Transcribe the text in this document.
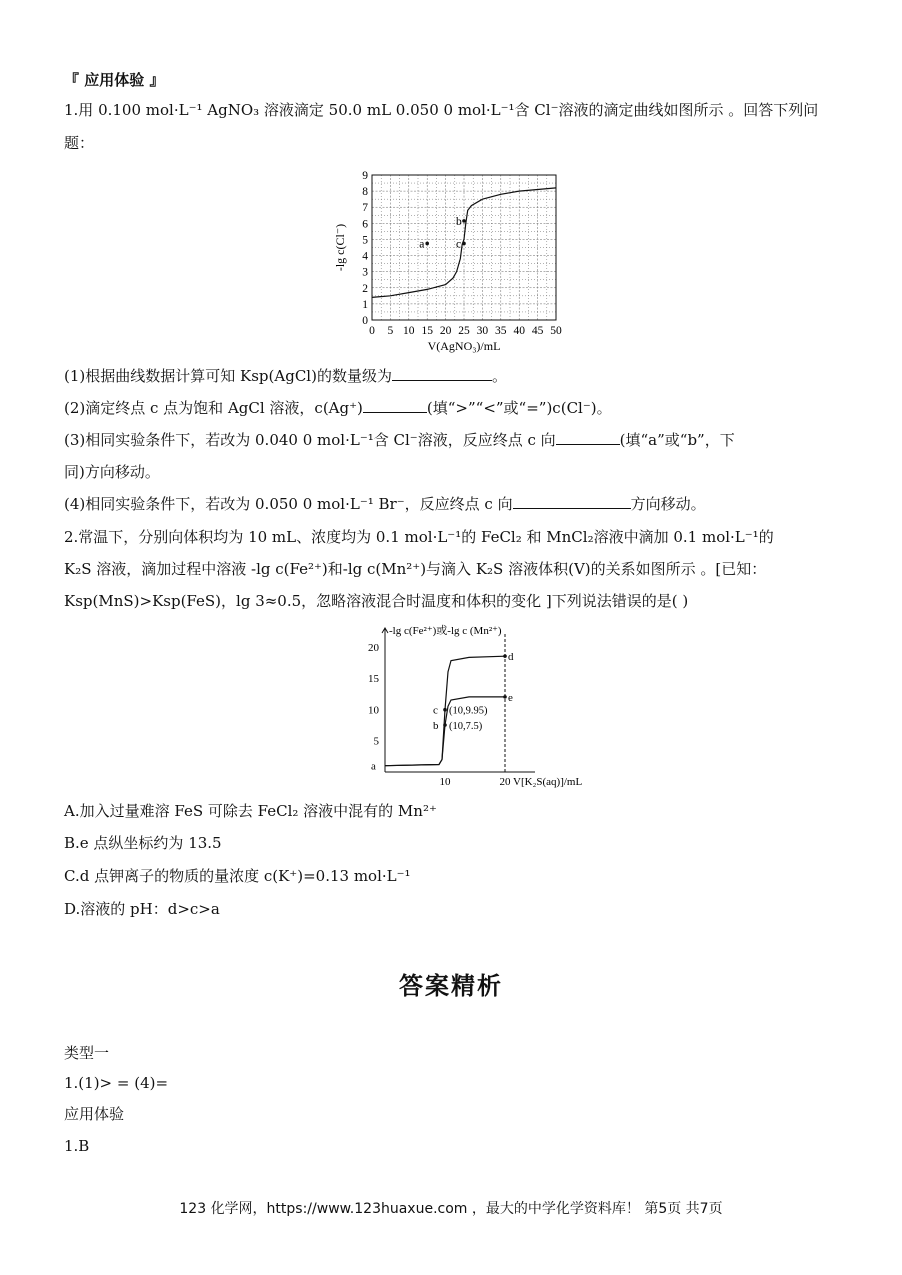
『 应用体验 』
1.用 0.100 mol·L⁻¹ AgNO₃ 溶液滴定 50.0 mL 0.050 0 mol·L⁻¹含 Cl⁻溶液的滴定曲线如图所示 。回答下列问
题：
0 5 10 15 20 25 30 35 40 45 50
0
1
2
3
4
5
6
7
8
9
a
b
c
V(AgNO₃)/mL
-lg c(Cl⁻)
(1)根据曲线数据计算可知 Ksp(AgCl)的数量级为	。
(2)滴定终点 c 点为饱和 AgCl 溶液，c(Ag⁺)	(填“>”“<”或“=”)c(Cl⁻)。
(3)相同实验条件下，若改为 0.040 0 mol·L⁻¹含 Cl⁻溶液，反应终点 c 向	(填“a”或“b”，下
同)方向移动。
(4)相同实验条件下，若改为 0.050 0 mol·L⁻¹ Br⁻，反应终点 c 向	方向移动。
2.常温下，分别向体积均为 10 mL、浓度均为 0.1 mol·L⁻¹的 FeCl₂ 和 MnCl₂溶液中滴加 0.1 mol·L⁻¹的
K₂S 溶液，滴加过程中溶液 -lg c(Fe²⁺)和-lg c(Mn²⁺)与滴入 K₂S 溶液体积(V)的关系如图所示 。[已知：
Ksp(MnS)>Ksp(FeS)，lg 3≈0.5，忽略溶液混合时温度和体积的变化 ]下列说法错误的是( )
10	20
5
10
15
20
a
b (10,7.5)
c (10,9.95)
d
e
V[K₂S(aq)]/mL
-lg c(Fe²⁺)或-lg c (Mn²⁺)
A.加入过量难溶 FeS 可除去 FeCl₂ 溶液中混有的 Mn²⁺
B.e 点纵坐标约为 13.5
C.d 点钾离子的物质的量浓度 c(K⁺)=0.13 mol·L⁻¹
D.溶液的 pH：d>c>a
答案精析
类型一
1.(1)> = (4)=
应用体验
1.B
123 化学网，https://www.123huaxue.com ，最大的中学化学资料库！ 第5页 共7页
